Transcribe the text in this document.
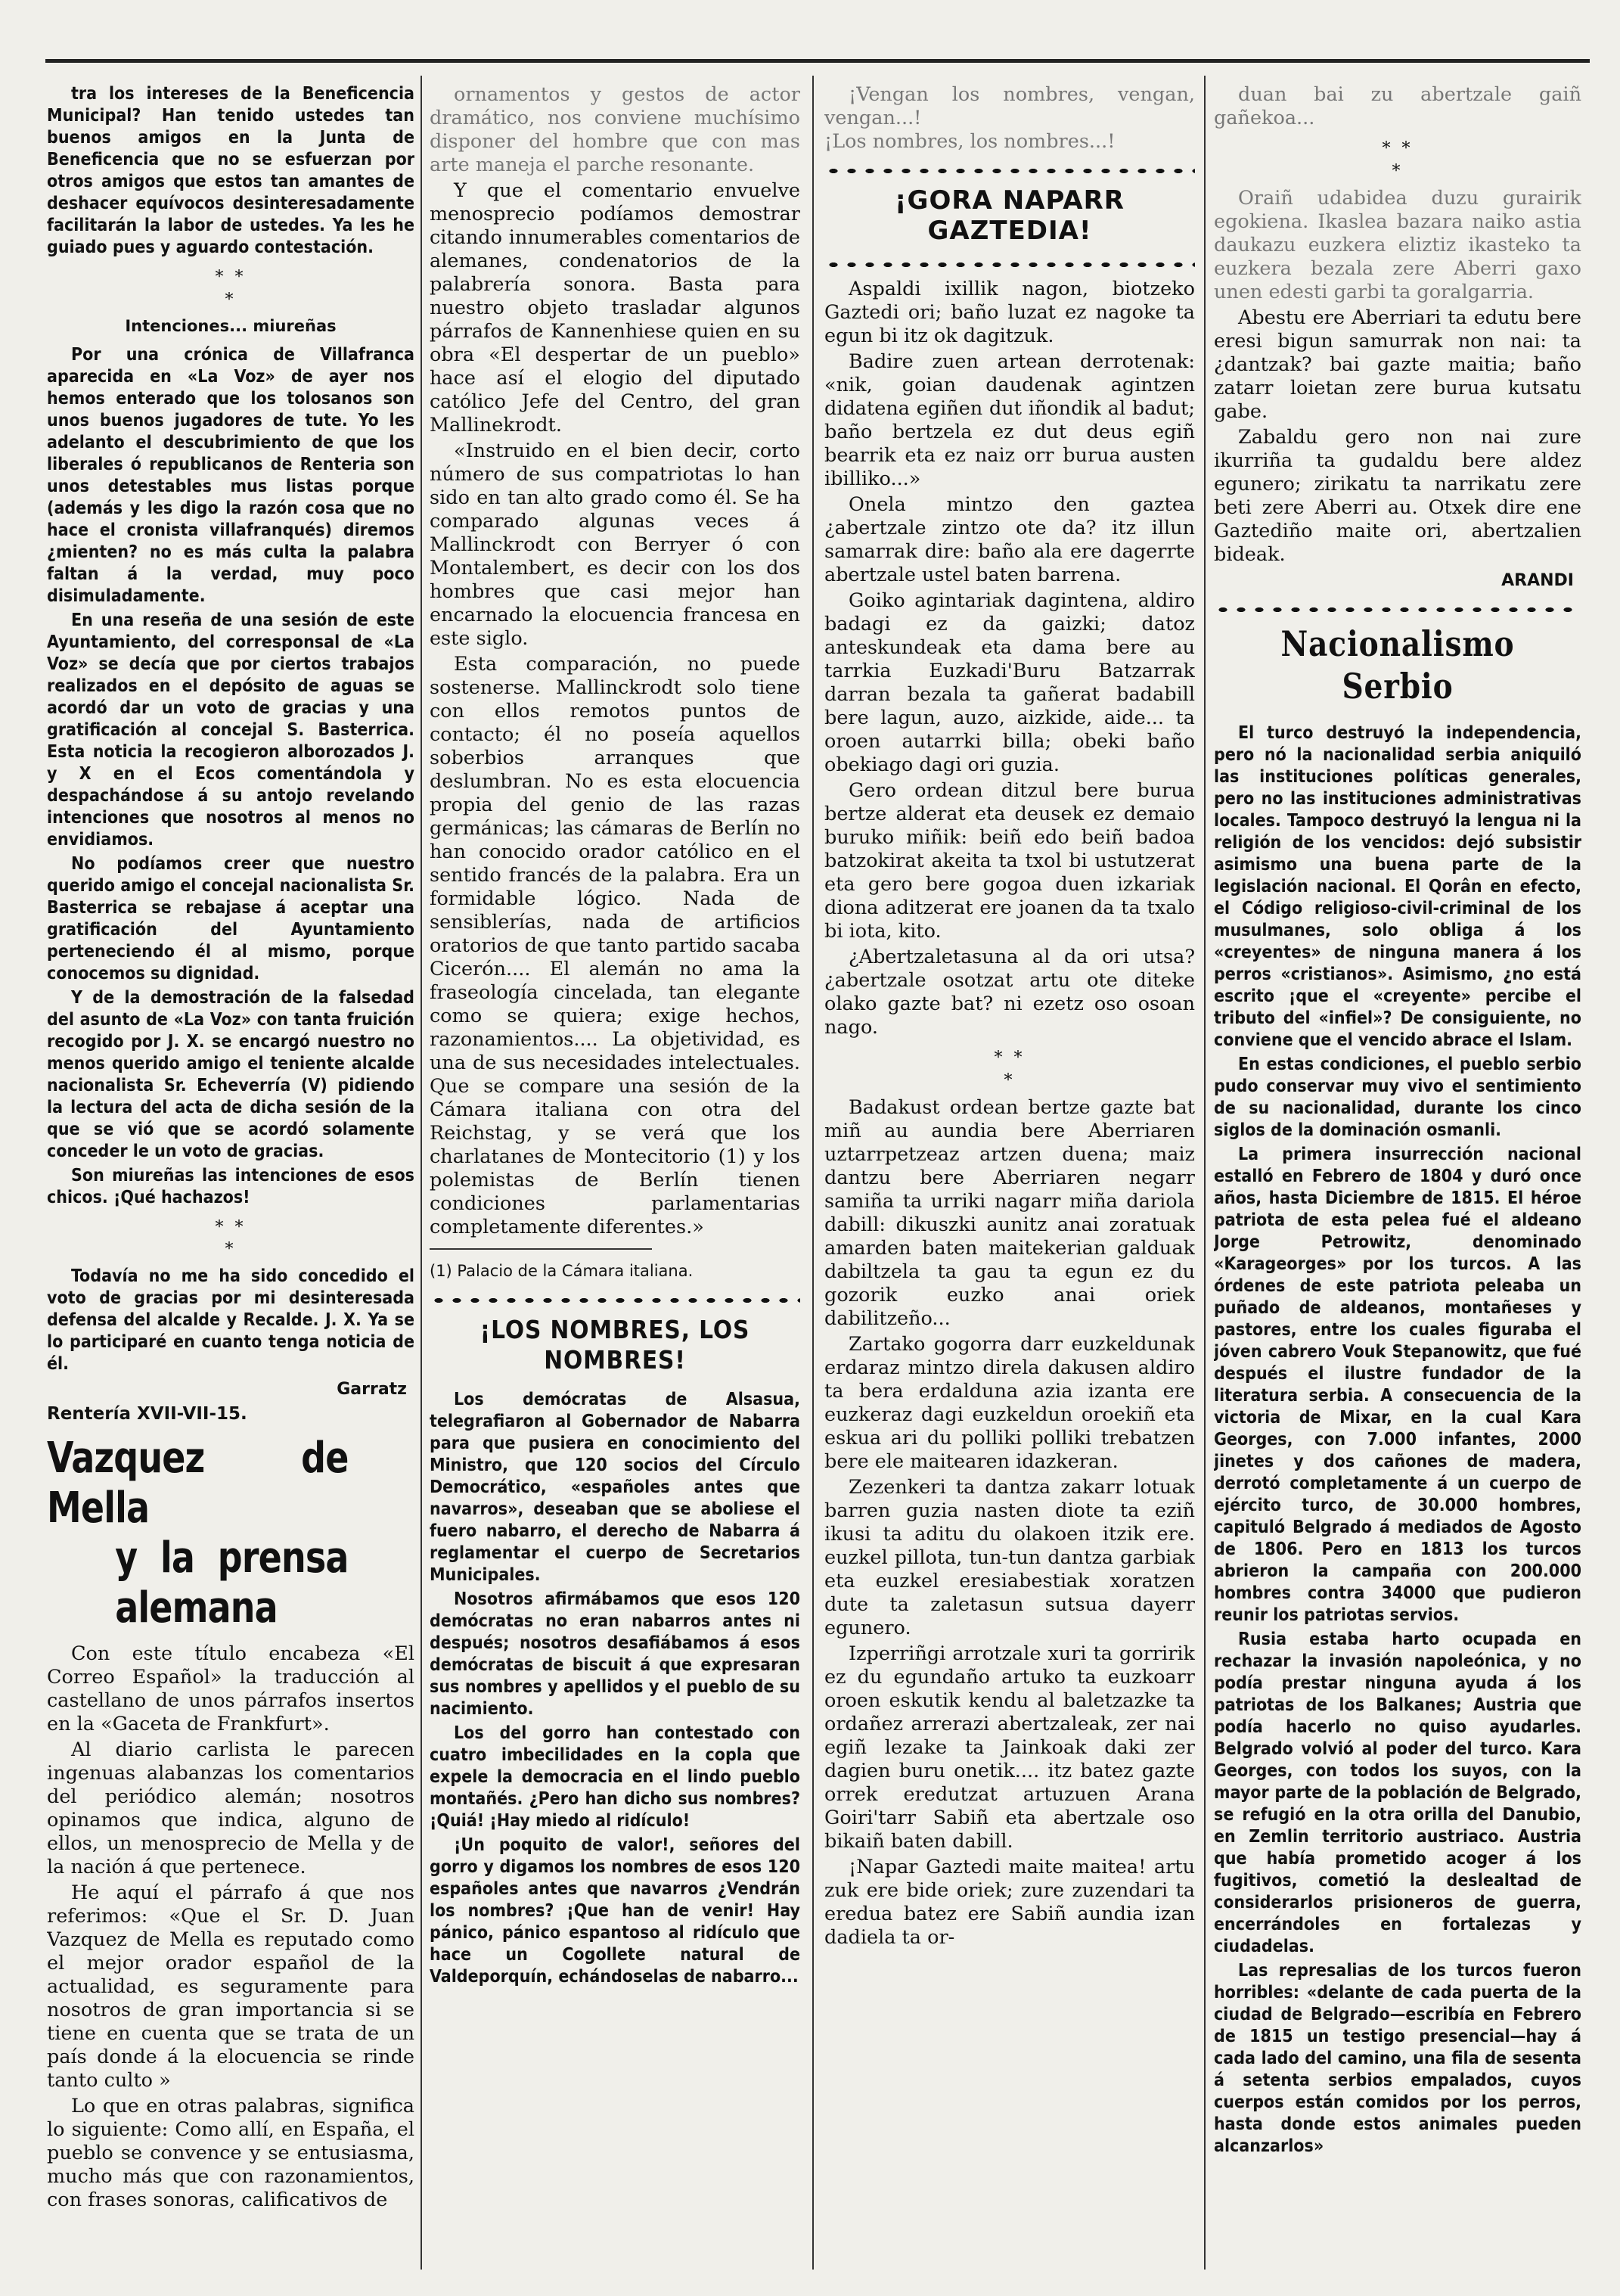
tra los intereses de la Beneficencia Municipal? Han tenido ustedes tan buenos amigos en la Junta de Beneficencia que no se esfuerzan por otros amigos que estos tan amantes de deshacer equívocos desinteresadamente facilitarán la labor de ustedes. Ya les he guiado pues y aguardo contestación.

* *
*
Intenciones... miureñas

Por una crónica de Villafranca aparecida en «La Voz» de ayer nos hemos enterado que los tolosanos son unos buenos jugadores de tute. Yo les adelanto el descubrimiento de que los liberales ó republicanos de Renteria son unos detestables mus listas porque (además y les digo la razón cosa que no hace el cronista villafranqués) diremos ¿mienten? no es más culta la palabra faltan á la verdad, muy poco disimuladamente.

En una reseña de una sesión de este Ayuntamiento, del corresponsal de «La Voz» se decía que por ciertos trabajos realizados en el depósito de aguas se acordó dar un voto de gracias y una gratificación al concejal S. Basterrica. Esta noticia la recogieron alborozados J. y X en el Ecos comentándola y despachándose á su antojo revelando intenciones que nosotros al menos no envidiamos.

No podíamos creer que nuestro querido amigo el concejal nacionalista Sr. Basterrica se rebajase á aceptar una gratificación del Ayuntamiento perteneciendo él al mismo, porque conocemos su dignidad.

Y de la demostración de la falsedad del asunto de «La Voz» con tanta fruición recogido por J. X. se encargó nuestro no menos querido amigo el teniente alcalde nacionalista Sr. Echeverría (V) pidiendo la lectura del acta de dicha sesión de la que se vió que se acordó solamente conceder le un voto de gracias.

Son miureñas las intenciones de esos chicos. ¡Qué hachazos!

* *
*

Todavía no me ha sido concedido el voto de gracias por mi desinteresada defensa del alcalde y Recalde. J. X. Ya se lo participaré en cuanto tenga noticia de él.

Garratz
Rentería XVII-VII-15.
Vazquez de Mella
y la prensa alemana

Con este título encabeza «El Correo Español» la traducción al castellano de unos párrafos insertos en la «Gaceta de Frankfurt».

Al diario carlista le parecen ingenuas alabanzas los comentarios del periódico alemán; nosotros opinamos que indica, alguno de ellos, un menosprecio de Mella y de la nación á que pertenece.

He aquí el párrafo á que nos referimos: «Que el Sr. D. Juan Vazquez de Mella es reputado como el mejor orador español de la actualidad, es seguramente para nosotros de gran importancia si se tiene en cuenta que se trata de un país donde á la elocuencia se rinde tanto culto »

Lo que en otras palabras, significa lo siguiente: Como allí, en España, el pueblo se convence y se entusiasma, mucho más que con razonamientos, con frases sonoras, calificativos de

ornamentos y gestos de actor dramático, nos conviene muchísimo disponer del hombre que con mas arte maneja el parche resonante.

Y que el comentario envuelve menosprecio podíamos demostrar citando innumerables comentarios de alemanes, condenatorios de la palabrería sonora. Basta para nuestro objeto trasladar algunos párrafos de Kannenhiese quien en su obra «El despertar de un pueblo» hace así el elogio del diputado católico Jefe del Centro, del gran Mallinekrodt.

«Instruido en el bien decir, corto número de sus compatriotas lo han sido en tan alto grado como él. Se ha comparado algunas veces á Mallinckrodt con Berryer ó con Montalembert, es decir con los dos hombres que casi mejor han encarnado la elocuencia francesa en este siglo.

Esta comparación, no puede sostenerse. Mallinckrodt solo tiene con ellos remotos puntos de contacto; él no poseía aquellos soberbios arranques que deslumbran. No es esta elocuencia propia del genio de las razas germánicas; las cámaras de Berlín no han conocido orador católico en el sentido francés de la palabra. Era un formidable lógico. Nada de sensiblerías, nada de artificios oratorios de que tanto partido sacaba Cicerón.... El alemán no ama la fraseología cincelada, tan elegante como se quiera; exige hechos, razonamientos.... La objetividad, es una de sus necesidades intelectuales. Que se compare una sesión de la Cámara italiana con otra del Reichstag, y se verá que los charlatanes de Montecitorio (1) y los polemistas de Berlín tienen condiciones parlamentarias completamente diferentes.»

(1) Palacio de la Cámara italiana.
¡LOS NOMBRES, LOS NOMBRES!

Los demócratas de Alsasua, telegrafiaron al Gobernador de Nabarra para que pusiera en conocimiento del Ministro, que 120 socios del Círculo Democrático, «españoles antes que navarros», deseaban que se aboliese el fuero nabarro, el derecho de Nabarra á reglamentar el cuerpo de Secretarios Municipales.

Nosotros afirmábamos que esos 120 demócratas no eran nabarros antes ni después; nosotros desafiábamos á esos demócratas de biscuit á que expresaran sus nombres y apellidos y el pueblo de su nacimiento.

Los del gorro han contestado con cuatro imbecilidades en la copla que expele la democracia en el lindo pueblo montañés. ¿Pero han dicho sus nombres? ¡Quiá! ¡Hay miedo al ridículo!

¡Un poquito de valor!, señores del gorro y digamos los nombres de esos 120 españoles antes que navarros ¿Vendrán los nombres? ¡Que han de venir! Hay pánico, pánico espantoso al ridículo que hace un Cogollete natural de Valdeporquín, echándoselas de nabarro...

¡Vengan los nombres, vengan, vengan...!
¡Los nombres, los nombres...!

¡GORA NAPARR GAZTEDIA!

Aspaldi ixillik nagon, biotzeko Gaztedi ori; baño luzat ez nagoke ta egun bi itz ok dagitzuk.

Badire zuen artean derrotenak: «nik, goian daudenak agintzen didatena egiñen dut iñondik al badut; baño bertzela ez dut deus egiñ bearrik eta ez naiz orr burua austen ibilliko...»

Onela mintzo den gaztea ¿abertzale zintzo ote da? itz illun samarrak dire: baño ala ere dagerrte abertzale ustel baten barrena.

Goiko agintariak dagintena, aldiro badagi ez da gaizki; datoz anteskundeak eta dama bere au tarrkia Euzkadi'Buru Batzarrak darran bezala ta gañerat badabill bere lagun, auzo, aizkide, aide... ta oroen autarrki billa; obeki baño obekiago dagi ori guzia.

Gero ordean ditzul bere burua bertze alderat eta deusek ez demaio buruko miñik: beiñ edo beiñ badoa batzokirat akeita ta txol bi ustutzerat eta gero bere gogoa duen izkariak diona aditzerat ere joanen da ta txalo bi iota, kito.

¿Abertzaletasuna al da ori utsa? ¿abertzale osotzat artu ote diteke olako gazte bat? ni ezetz oso osoan nago.

* *
*

Badakust ordean bertze gazte bat miñ au aundia bere Aberriaren uztarrpetzeaz artzen duena; maiz dantzu bere Aberriaren negarr samiña ta urriki nagarr miña dariola dabill: dikuszki aunitz anai zoratuak amarden baten maitekerian galduak dabiltzela ta gau ta egun ez du gozorik euzko anai oriek dabilitzeño...

Zartako gogorra darr euzkeldunak erdaraz mintzo direla dakusen aldiro ta bera erdalduna azia izanta ere euzkeraz dagi euzkeldun oroekiñ eta eskua ari du polliki polliki trebatzen bere ele maitearen idazkeran.

Zezenkeri ta dantza zakarr lotuak barren guzia nasten diote ta eziñ ikusi ta aditu du olakoen itzik ere. euzkel pillota, tun-tun dantza garbiak eta euzkel eresiabestiak xoratzen dute ta zaletasun sutsua dayerr egunero.

Izperriñgi arrotzale xuri ta gorririk ez du egundaño artuko ta euzkoarr oroen eskutik kendu al baletzazke ta ordañez arrerazi abertzaleak, zer nai egiñ lezake ta Jainkoak daki zer dagien buru onetik.... itz batez gazte orrek eredutzat artuzuen Arana Goiri'tarr Sabiñ eta abertzale oso bikaiñ baten dabill.

¡Napar Gaztedi maite maitea! artu zuk ere bide oriek; zure zuzendari ta eredua batez ere Sabiñ aundia izan dadiela ta or-

duan bai zu abertzale gaiñ gañekoa...

* *
*

Oraiñ udabidea duzu gurairik egokiena. Ikaslea bazara naiko astia daukazu euzkera eliztiz ikasteko ta euzkera bezala zere Aberri gaxo unen edesti garbi ta goralgarria.

Abestu ere Aberriari ta edutu bere eresi bigun samurrak non nai: ta ¿dantzak? bai gazte maitia; baño zatarr loietan zere burua kutsatu gabe.

Zabaldu gero non nai zure ikurriña ta gudaldu bere aldez egunero; zirikatu ta narrikatu zere beti zere Aberri au. Otxek dire ene Gaztediño maite ori, abertzalien bideak.

ARANDI
Nacionalismo Serbio

El turco destruyó la independencia, pero nó la nacionalidad serbia aniquiló las instituciones políticas generales, pero no las instituciones administrativas locales. Tampoco destruyó la lengua ni la religión de los vencidos: dejó subsistir asimismo una buena parte de la legislación nacional. El Qorân en efecto, el Código religioso-civil-criminal de los musulmanes, solo obliga á los «creyentes» de ninguna manera á los perros «cristianos». Asimismo, ¿no está escrito ¡que el «creyente» percibe el tributo del «infiel»? De consiguiente, no conviene que el vencido abrace el Islam.

En estas condiciones, el pueblo serbio pudo conservar muy vivo el sentimiento de su nacionalidad, durante los cinco siglos de la dominación osmanli.

La primera insurrección nacional estalló en Febrero de 1804 y duró once años, hasta Diciembre de 1815. El héroe patriota de esta pelea fué el aldeano Jorge Petrowitz, denominado «Karageorges» por los turcos. A las órdenes de este patriota peleaba un puñado de aldeanos, montañeses y pastores, entre los cuales figuraba el jóven cabrero Vouk Stepanowitz, que fué después el ilustre fundador de la literatura serbia. A consecuencia de la victoria de Mixar, en la cual Kara Georges, con 7.000 infantes, 2000 jinetes y dos cañones de madera, derrotó completamente á un cuerpo de ejército turco, de 30.000 hombres, capituló Belgrado á mediados de Agosto de 1806. Pero en 1813 los turcos abrieron la campaña con 200.000 hombres contra 34000 que pudieron reunir los patriotas servios.

Rusia estaba harto ocupada en rechazar la invasión napoleónica, y no podía prestar ninguna ayuda á los patriotas de los Balkanes; Austria que podía hacerlo no quiso ayudarles. Belgrado volvió al poder del turco. Kara Georges, con todos los suyos, con la mayor parte de la población de Belgrado, se refugió en la otra orilla del Danubio, en Zemlin territorio austriaco. Austria que había prometido acoger á los fugitivos, cometió la deslealtad de considerarlos prisioneros de guerra, encerrándoles en fortalezas y ciudadelas.

Las represalias de los turcos fueron horribles: «delante de cada puerta de la ciudad de Belgrado—escribía en Febrero de 1815 un testigo presencial—hay á cada lado del camino, una fila de sesenta á setenta serbios empalados, cuyos cuerpos están comidos por los perros, hasta donde estos animales pueden alcanzarlos»
